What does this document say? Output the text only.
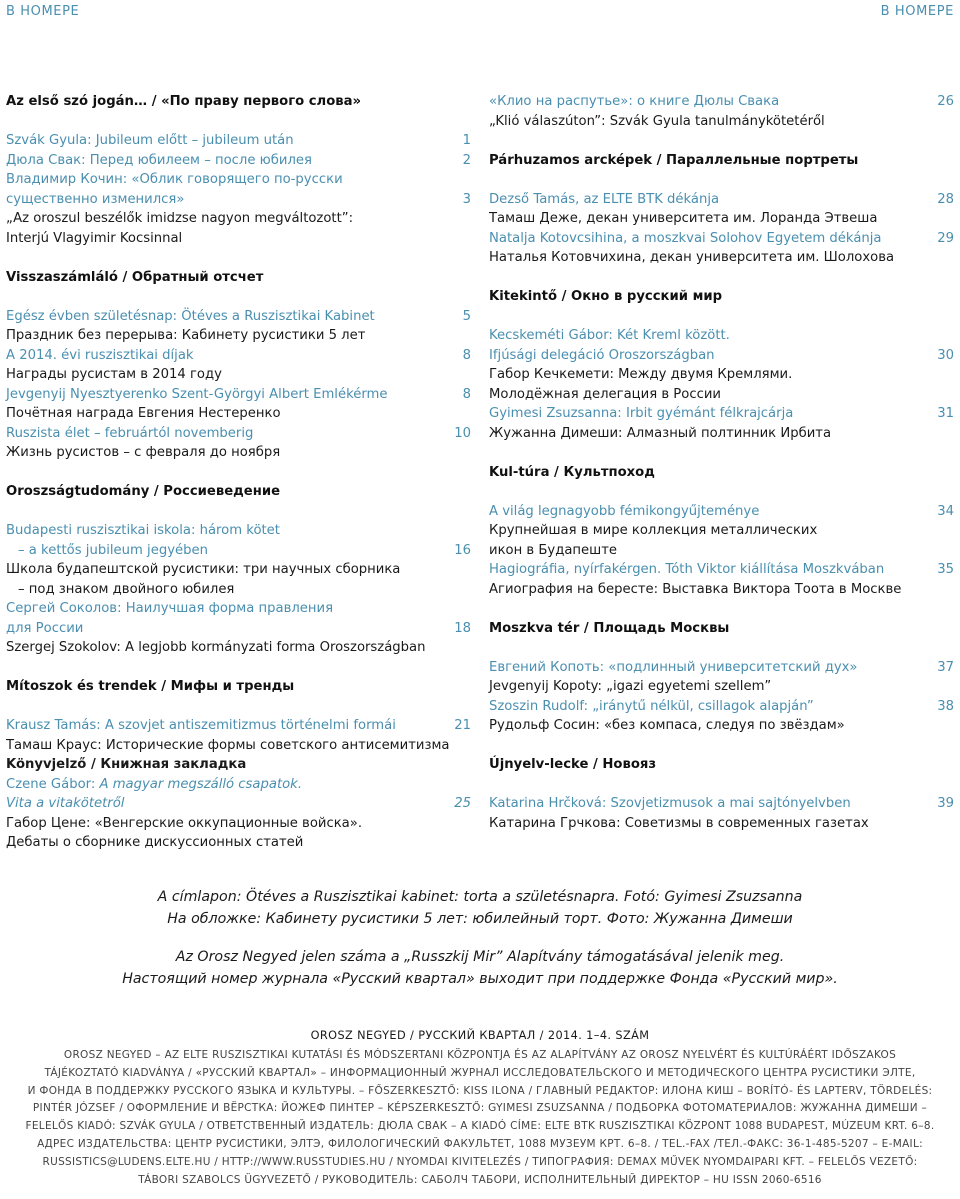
В НОМЕРЕ	В НОМЕРЕ
Az első szó jogán… / «По праву первого слова»
Szvák Gyula: Jubileum előtt – jubileum után	1
Дюла Свак: Перед юбилеем – после юбилея	2
Владимир Кочин: «Облик говорящего по-русски
существенно изменился»	3
„Az oroszul beszélők imidzse nagyon megváltozott”:
Interjú Vlagyimir Kocsinnal
Visszaszámláló / Обратный отсчет
Egész évben születésnap: Ötéves a Ruszisztikai Kabinet	5
Праздник без перерыва: Кабинету русистики 5 лет
A 2014. évi ruszisztikai díjak	8
Награды русистам в 2014 году
Jevgenyij Nyesztyerenko Szent-Györgyi Albert Emlékérme	8
Почётная награда Евгения Нестеренко
Ruszista élet – februártól novemberig	10
Жизнь русистов – с февраля до ноября
Oroszságtudomány / Россиеведение
Budapesti ruszisztikai iskola: három kötet
– a kettős jubileum jegyében	16
Школа будапештской русистики: три научных сборника
– под знаком двойного юбилея
Сергей Соколов: Наилучшая форма правления
для России	18
Szergej Szokolov: A legjobb kormányzati forma Oroszországban
Mítoszok és trendek / Мифы и тренды
Krausz Tamás: A szovjet antiszemitizmus történelmi formái	21
Тамаш Краус: Исторические формы советского антисемитизма
Könyvjelző / Книжная закладка
Czene Gábor: A magyar megszálló csapatok.
Vita a vitakötetről	25
Габор Цене: «Венгерские оккупационные войска».
Дебаты о сборнике дискуссионных статей
«Клио на распутье»: о книге Дюлы Свака	26
„Klió válaszúton”: Szvák Gyula tanulmánykötetéről
Párhuzamos arcképek / Параллельные портреты
Dezső Tamás, az ELTE BTK dékánja	28
Тамаш Деже, декан университета им. Лоранда Этвеша
Natalja Kotovcsihina, a moszkvai Solohov Egyetem dékánja	29
Наталья Котовчихина, декан университета им. Шолохова
Kitekintő / Окно в русский мир
Kecskeméti Gábor: Két Kreml között.
Ifjúsági delegáció Oroszországban	30
Габор Кечкемети: Между двумя Кремлями.
Молодёжная делегация в России
Gyimesi Zsuzsanna: Irbit gyémánt félkrajcárja	31
Жужанна Димеши: Алмазный полтинник Ирбита
Kul-túra / Культпоход
A világ legnagyobb fémikongyűjteménye	34
Крупнейшая в мире коллекция металлических
икон в Будапеште
Hagiográfia, nyírfakérgen. Tóth Viktor kiállítása Moszkvában	35
Агиография на бересте: Выставка Виктора Тоота в Москве
Moszkva tér / Площадь Москвы
Евгений Копоть: «подлинный университетский дух»	37
Jevgenyij Kopoty: „igazi egyetemi szellem”
Szoszin Rudolf: „iránytű nélkül, csillagok alapján”	38
Рудольф Сосин: «без компаса, следуя по звёздам»
Újnyelv-lecke / Новояз
Katarina Hrčková: Szovjetizmusok a mai sajtónyelvben	39
Катарина Грчкова: Советизмы в современных газетах
A címlapon: Ötéves a Ruszisztikai kabinet: torta a születésnapra. Fotó: Gyimesi Zsuzsanna
На обложке: Кабинету русистики 5 лет: юбилейный торт. Фото: Жужанна Димеши
Az Orosz Negyed jelen száma a „Russzkij Mir” Alapítvány támogatásával jelenik meg.
Настоящий номер журнала «Русский квартал» выходит при поддержке Фонда «Русский мир».
OROSZ NEGYED / РУССКИЙ КВАРТАЛ / 2014. 1–4. SZÁM
OROSZ NEGYED – AZ ELTE RUSZISZTIKAI KUTATÁSI ÉS MÓDSZERTANI KÖZPONTJA ÉS AZ ALAPÍTVÁNY AZ OROSZ NYELVÉRT ÉS KULTÚRÁÉRT IDŐSZAKOS
TÁJÉKOZTATÓ KIADVÁNYA / «РУССКИЙ КВАРТАЛ» – ИНФОРМАЦИОННЫЙ ЖУРНАЛ ИССЛЕДОВАТЕЛЬСКОГО И МЕТОДИЧЕСКОГО ЦЕНТРА РУСИСТИКИ ЭЛТЕ,
И ФОНДА В ПОДДЕРЖКУ РУССКОГО ЯЗЫКА И КУЛЬТУРЫ. – FŐSZERKESZTŐ: KISS ILONA / ГЛАВНЫЙ РЕДАКТОР: ИЛОНА КИШ – BORÍTÓ- ÉS LAPTERV, TÖRDELÉS:
PINTÉR JÓZSEF / ОФОРМЛЕНИЕ И ВЁРСТКА: ЙОЖЕФ ПИНТЕР – KÉPSZERKESZTŐ: GYIMESI ZSUZSANNA / ПОДБОРКА ФОТОМАТЕРИАЛОВ: ЖУЖАННА ДИМЕШИ –
FELELŐS KIADÓ: SZVÁK GYULA / ОТВЕТСТВЕННЫЙ ИЗДАТЕЛЬ: ДЮЛА СВАК – A KIADÓ CÍME: ELTE BTK RUSZISZTIKAI KÖZPONT 1088 BUDAPEST, MÚZEUM KRT. 6–8.
АДРЕС ИЗДАТЕЛЬСТВА: ЦЕНТР РУСИСТИКИ, ЭЛТЭ, ФИЛОЛОГИЧЕСКИЙ ФАКУЛЬТЕТ, 1088 МУЗЕУМ КРТ. 6–8. / TEL.-FAX /ТЕЛ.-ФАКС: 36-1-485-5207 – E-MAIL:
RUSSISTICS@LUDENS.ELTE.HU / HTTP://WWW.RUSSTUDIES.HU / NYOMDAI KIVITELEZÉS / ТИПОГРАФИЯ: DEMAX MŰVEK NYOMDAIPARI KFT. – FELELŐS VEZETŐ:
TÁBORI SZABOLCS ÜGYVEZETŐ / РУКОВОДИТЕЛЬ: САБОЛЧ ТАБОРИ, ИСПОЛНИТЕЛЬНЫЙ ДИРЕКТОР – HU ISSN 2060-6516
